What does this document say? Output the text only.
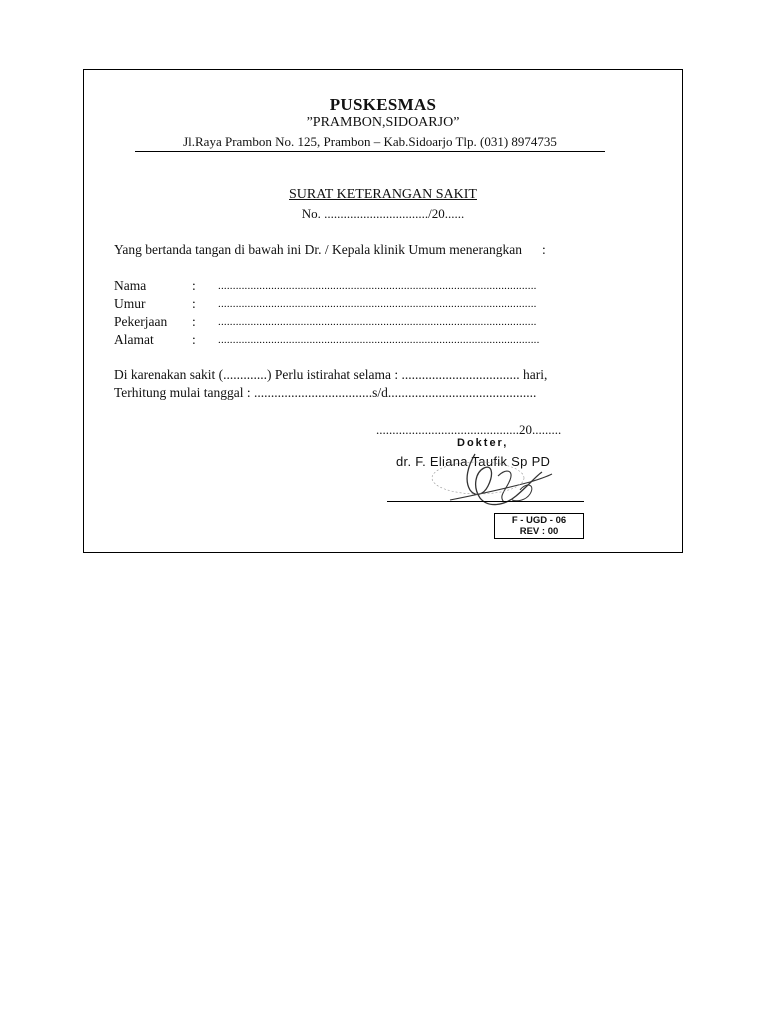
PUSKESMAS
”PRAMBON,SIDOARJO”
Jl.Raya Prambon No. 125, Prambon – Kab.Sidoarjo Tlp. (031) 8974735
SURAT KETERANGAN SAKIT
No. ................................/20......
Yang bertanda tangan di bawah ini Dr. / Kepala klinik Umum menerangkan :
Nama	: ............................................................................................................
Umur	: ............................................................................................................
Pekerjaan : ............................................................................................................
Alamat	: .............................................................................................................
Di karenakan sakit (.............) Perlu istirahat selama : ................................... hari,
Terhitung mulai tanggal : ...................................s/d............................................
............................................20.........
Dokter,
dr. F. Eliana Taufik Sp PD
F - UGD - 06
REV : 00
